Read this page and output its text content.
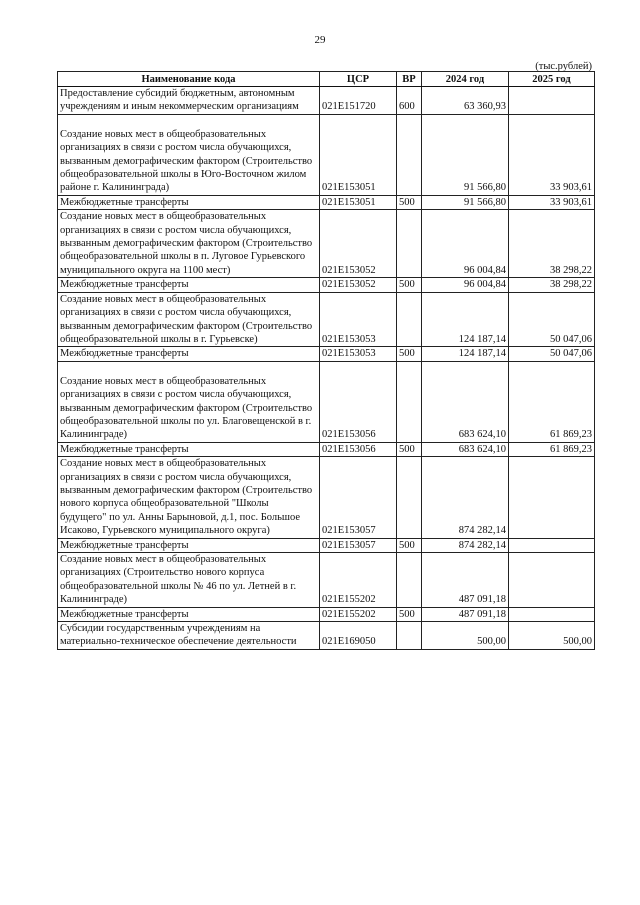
29
(тыс.рублей)
Наименование кода	ЦСР	ВР	2024 год	2025 год
Предоставление субсидий бюджетным, автономным учреждениям и иным некоммерческим организациям	021E151720	600	63 360,93	

Создание новых мест в общеобразовательных организациях в связи с ростом числа обучающихся, вызванным демографическим фактором (Строительство общеобразовательной школы в Юго-Восточном жилом районе г. Калининграда)	021E153051		91 566,80	33 903,61
Межбюджетные трансферты	021E153051	500	91 566,80	33 903,61
Создание новых мест в общеобразовательных организациях в связи с ростом числа обучающихся, вызванным демографическим фактором (Строительство общеобразовательной школы в п. Луговое Гурьевского муниципального округа на 1100 мест)	021E153052		96 004,84	38 298,22
Межбюджетные трансферты	021E153052	500	96 004,84	38 298,22
Создание новых мест в общеобразовательных организациях в связи с ростом числа обучающихся, вызванным демографическим фактором (Строительство общеобразовательной школы в г. Гурьевске)	021E153053		124 187,14	50 047,06
Межбюджетные трансферты	021E153053	500	124 187,14	50 047,06

Создание новых мест в общеобразовательных организациях в связи с ростом числа обучающихся, вызванным демографическим фактором (Строительство общеобразовательной школы по ул. Благовещенской в г. Калининграде)	021E153056		683 624,10	61 869,23
Межбюджетные трансферты	021E153056	500	683 624,10	61 869,23
Создание новых мест в общеобразовательных организациях в связи с ростом числа обучающихся, вызванным демографическим фактором (Строительство нового корпуса общеобразовательной "Школы будущего" по ул. Анны Барыновой, д.1, пос. Большое Исаково, Гурьевского муниципального округа)	021E153057		874 282,14	
Межбюджетные трансферты	021E153057	500	874 282,14	
Создание новых мест в общеобразовательных организациях (Строительство нового корпуса общеобразовательной школы № 46 по ул. Летней в г. Калининграде)	021E155202		487 091,18	
Межбюджетные трансферты	021E155202	500	487 091,18	
Субсидии государственным учреждениям на материально-техническое обеспечение деятельности	021E169050		500,00	500,00
